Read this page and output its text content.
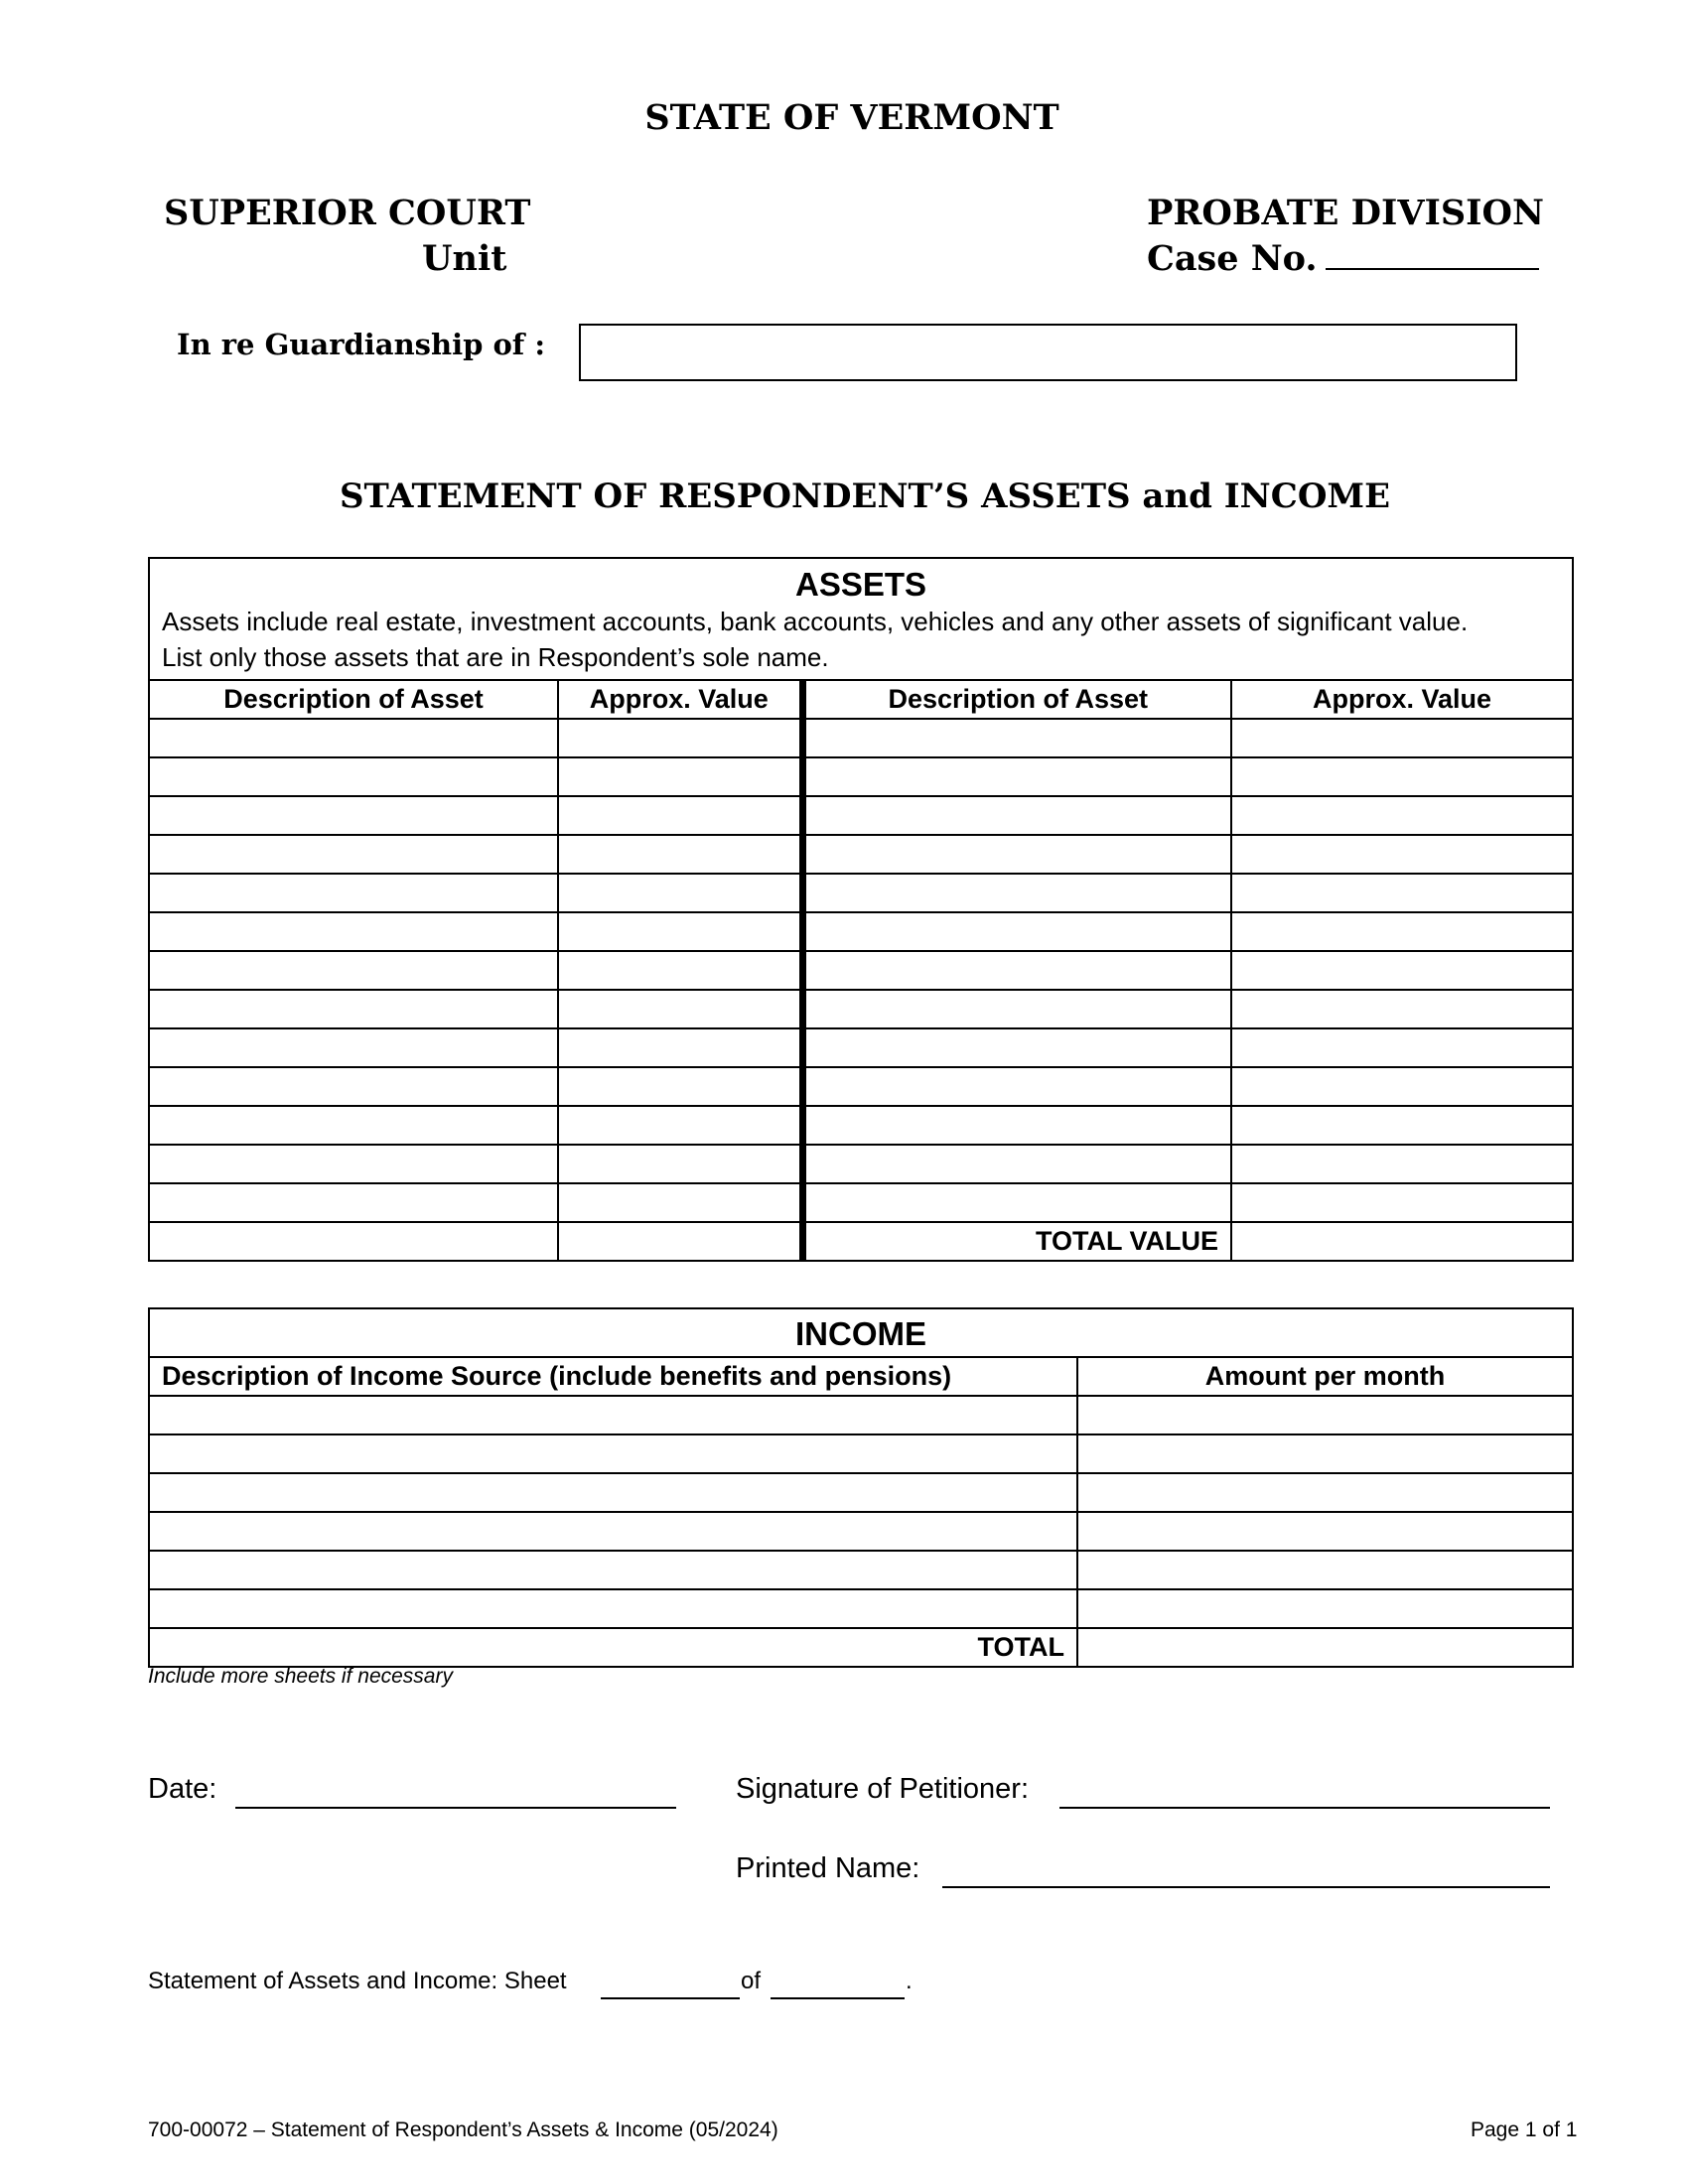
STATE OF VERMONT
SUPERIOR COURT
Unit
PROBATE DIVISION
Case No.
In re Guardianship of :
STATEMENT OF RESPONDENT’S ASSETS and INCOME
ASSETS			

Assets include real estate, investment accounts, bank accounts, vehicles and any other assets of significant value.
List only those assets that are in Respondent’s sole name.			

Description of Asset	Approx. Value	Description of Asset	Approx. Value

		TOTAL VALUE	
INCOME	
Description of Income Source (include benefits and pensions)	Amount per month

TOTAL	
Include more sheets if necessary
Date:	Signature of Petitioner:
Printed Name:
Statement of Assets and Income: Sheet	of	.
700-00072 – Statement of Respondent’s Assets & Income (05/2024)	Page 1 of 1
